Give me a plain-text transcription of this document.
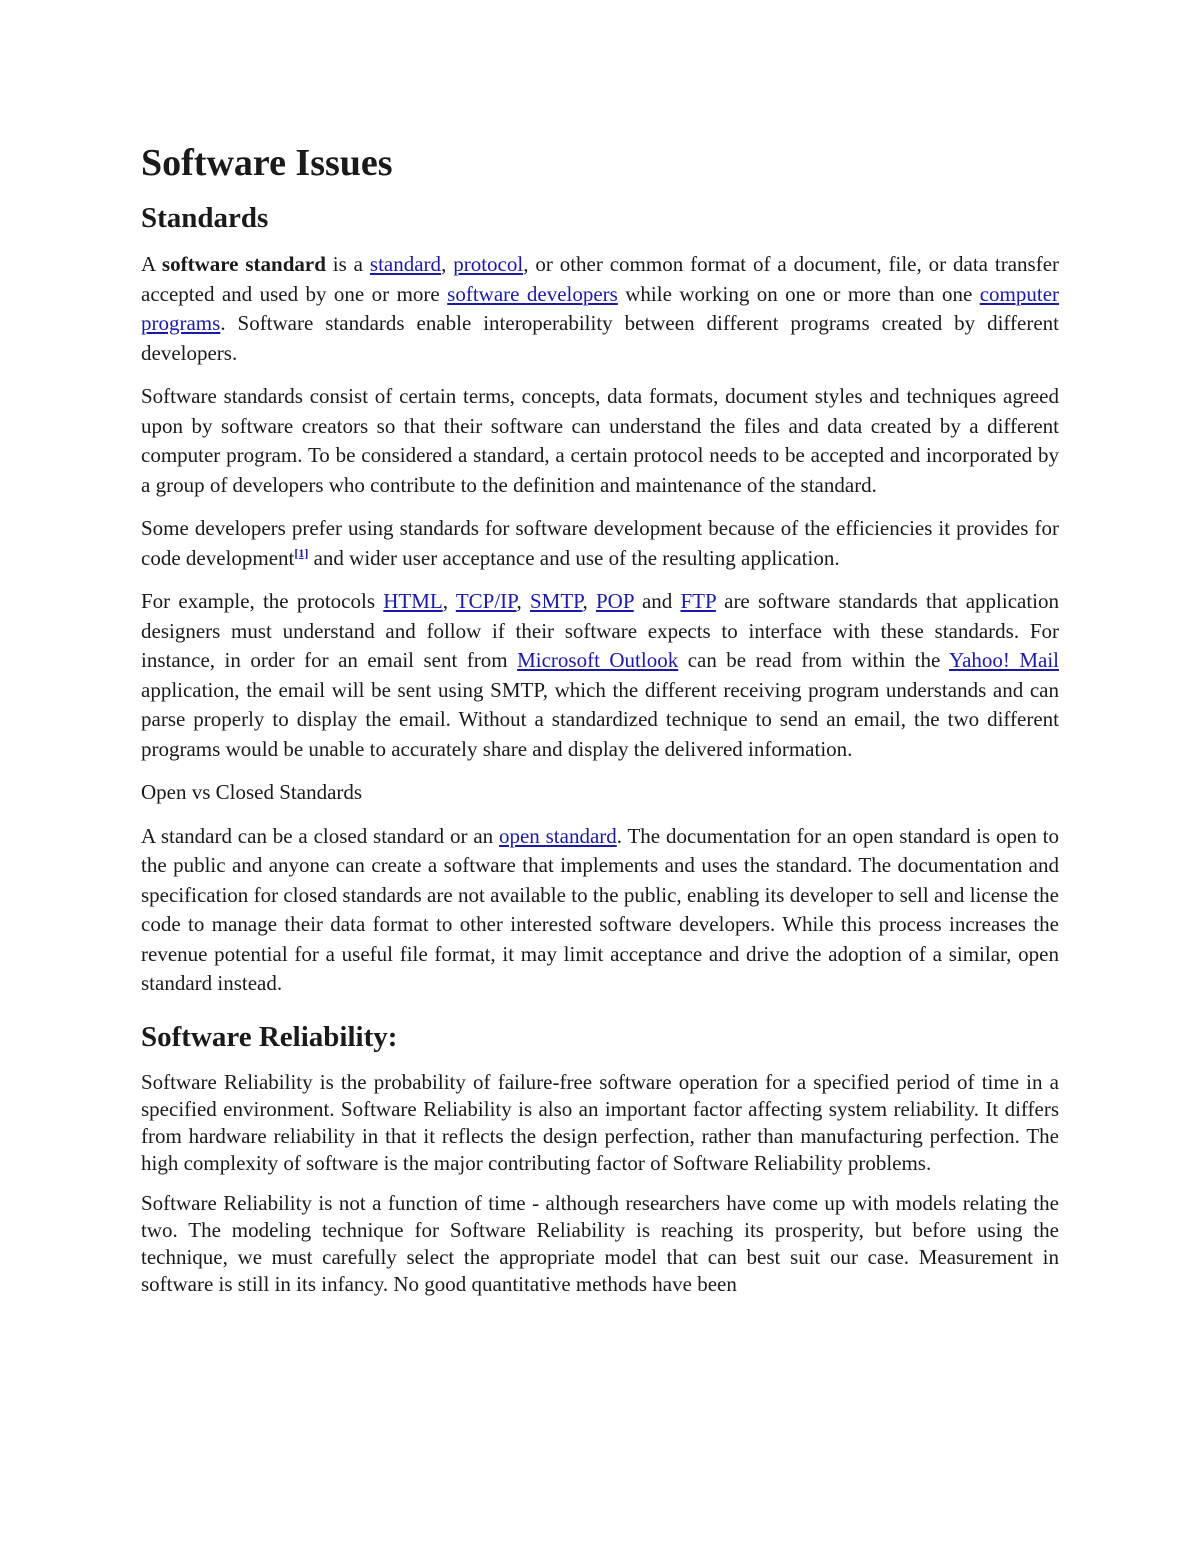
Software Issues
Standards

A software standard is a standard, protocol, or other common format of a document, file, or data transfer accepted and used by one or more software developers while working on one or more than one computer programs. Software standards enable interoperability between different programs created by different developers.

Software standards consist of certain terms, concepts, data formats, document styles and techniques agreed upon by software creators so that their software can understand the files and data created by a different computer program. To be considered a standard, a certain protocol needs to be accepted and incorporated by a group of developers who contribute to the definition and maintenance of the standard.

Some developers prefer using standards for software development because of the efficiencies it provides for code development[1] and wider user acceptance and use of the resulting application.

For example, the protocols HTML, TCP/IP, SMTP, POP and FTP are software standards that application designers must understand and follow if their software expects to interface with these standards. For instance, in order for an email sent from Microsoft Outlook can be read from within the Yahoo! Mail application, the email will be sent using SMTP, which the different receiving program understands and can parse properly to display the email. Without a standardized technique to send an email, the two different programs would be unable to accurately share and display the delivered information.

Open vs Closed Standards

A standard can be a closed standard or an open standard. The documentation for an open standard is open to the public and anyone can create a software that implements and uses the standard. The documentation and specification for closed standards are not available to the public, enabling its developer to sell and license the code to manage their data format to other interested software developers. While this process increases the revenue potential for a useful file format, it may limit acceptance and drive the adoption of a similar, open standard instead.

Software Reliability:

Software Reliability is the probability of failure-free software operation for a specified period of time in a specified environment. Software Reliability is also an important factor affecting system reliability. It differs from hardware reliability in that it reflects the design perfection, rather than manufacturing perfection. The high complexity of software is the major contributing factor of Software Reliability problems.

Software Reliability is not a function of time - although researchers have come up with models relating the two. The modeling technique for Software Reliability is reaching its prosperity, but before using the technique, we must carefully select the appropriate model that can best suit our case. Measurement in software is still in its infancy. No good quantitative methods have been
